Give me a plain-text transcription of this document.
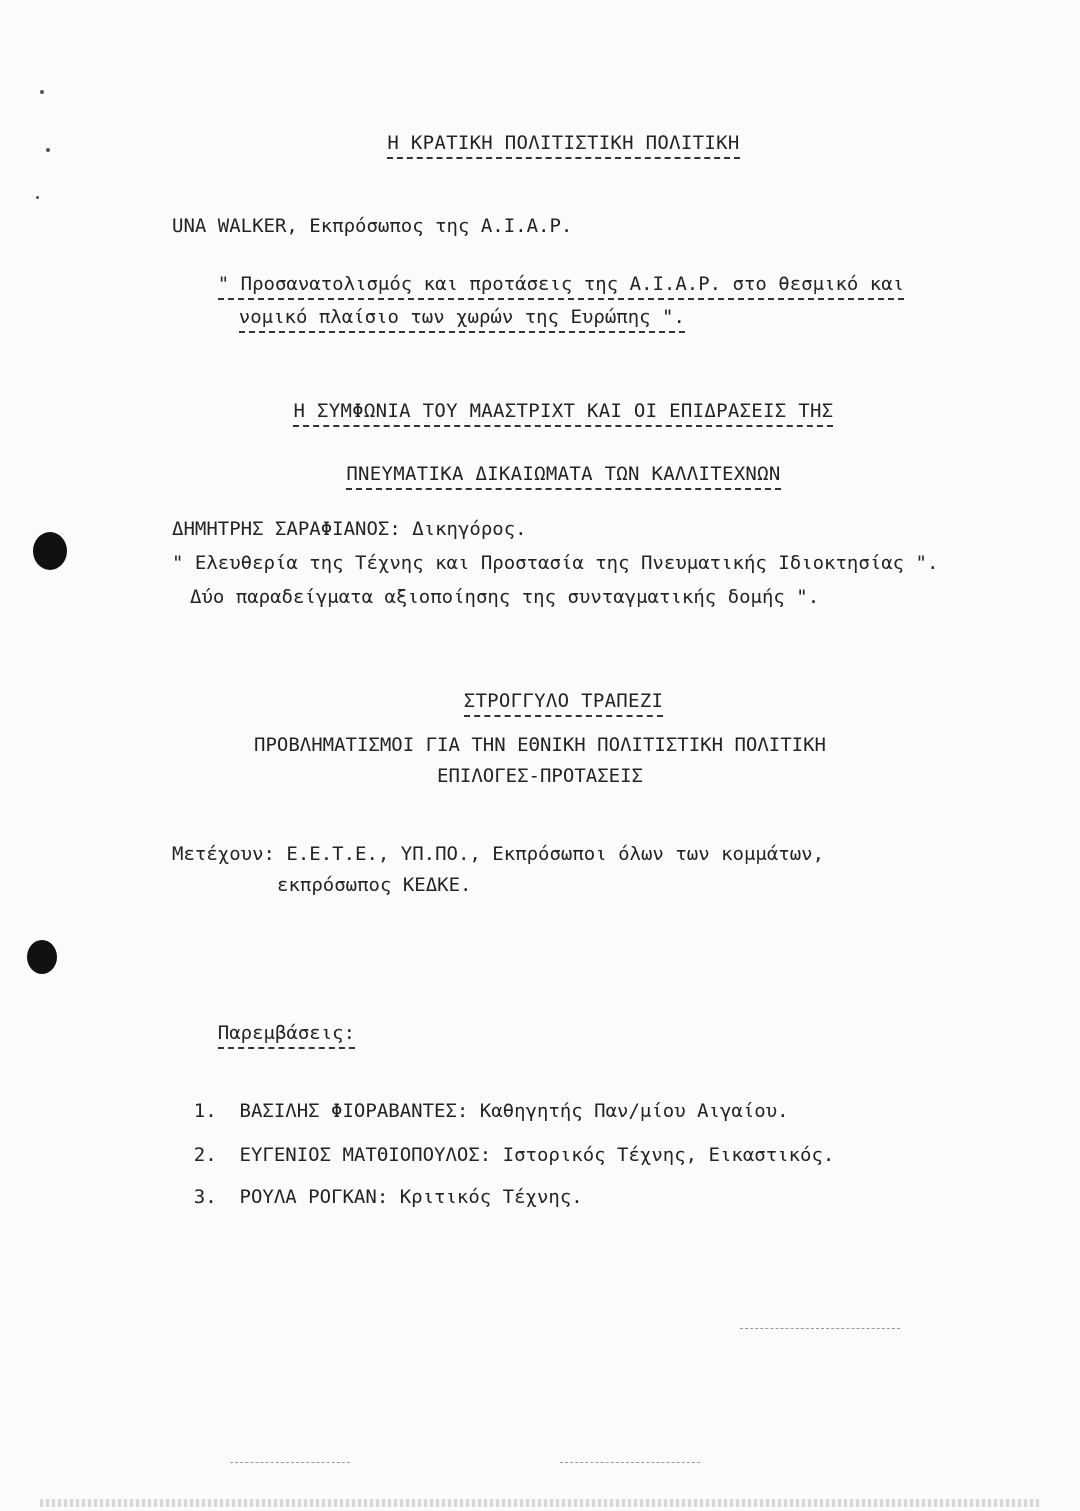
Η ΚΡΑΤΙΚΗ ΠΟΛΙΤΙΣΤΙΚΗ ΠΟΛΙΤΙΚΗ

UNA WALKER, Εκπρόσωπος της Α.Ι.Α.Ρ.

" Προσανατολισμός και προτάσεις της Α.Ι.Α.Ρ. στο θεσμικό και

νομικό πλαίσιο των χωρών της Ευρώπης ".

Η ΣΥΜΦΩΝΙΑ ΤΟΥ ΜΑΑΣΤΡΙΧΤ ΚΑΙ ΟΙ ΕΠΙΔΡΑΣΕΙΣ ΤΗΣ

ΠΝΕΥΜΑΤΙΚΑ ΔΙΚΑΙΩΜΑΤΑ ΤΩΝ ΚΑΛΛΙΤΕΧΝΩΝ

ΔΗΜΗΤΡΗΣ ΣΑΡΑΦΙΑΝΟΣ: Δικηγόρος.
" Ελευθερία της Τέχνης και Προστασία της Πνευματικής Ιδιοκτησίας ".
Δύο παραδείγματα αξιοποίησης της συνταγματικής δομής ".

ΣΤΡΟΓΓΥΛΟ ΤΡΑΠΕΖΙ

ΠΡΟΒΛΗΜΑΤΙΣΜΟΙ ΓΙΑ ΤΗΝ ΕΘΝΙΚΗ ΠΟΛΙΤΙΣΤΙΚΗ ΠΟΛΙΤΙΚΗ
ΕΠΙΛΟΓΕΣ-ΠΡΟΤΑΣΕΙΣ
Μετέχουν: Ε.Ε.Τ.Ε., ΥΠ.ΠΟ., Εκπρόσωποι όλων των κομμάτων,
εκπρόσωπος ΚΕΔΚΕ.

Παρεμβάσεις:

1. ΒΑΣΙΛΗΣ ΦΙΟΡΑΒΑΝΤΕΣ: Καθηγητής Παν/μίου Αιγαίου.

2. ΕΥΓΕΝΙΟΣ ΜΑΤΘΙΟΠΟΥΛΟΣ: Ιστορικός Τέχνης, Εικαστικός.

3. ΡΟΥΛΑ ΡΟΓΚΑΝ: Κριτικός Τέχνης.
